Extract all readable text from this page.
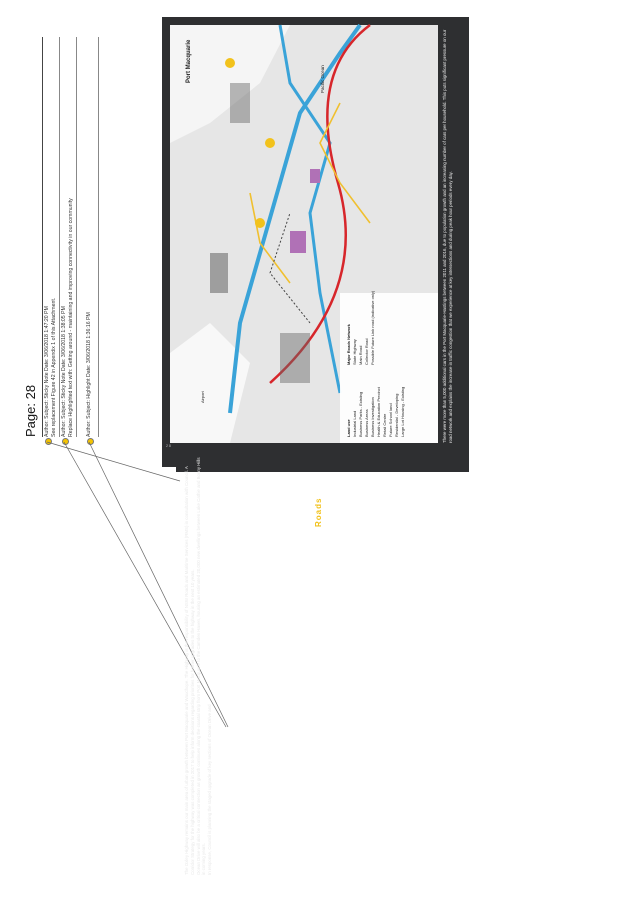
Page: 28 Author: Subject: Sticky Note Date: 3/06/2018 1:47:20 PM See replacement Figure 42 in Appendix 1 of this Attachment. Author: Subject: Sticky Note Date: 3/06/2018 1:38:05 PM Replace Highlighted text with: Getting around - maintaining and improving connectivity in our community Author: Subject: Highlight Date: 3/06/2018 1:36:16 PM
Roads
Land use Industrial Land Business Parks - Existing Business Areas Business Investigation Health & Education Precinct Retail Centre Future School land Residential - Developing Large Lot Housing - Existing
Major Roads Network State Highway Main Road Collector Road Possible Future Link road (indicative only)
Port Macquarie	Pacific Ocean
Airport	There were more than 5,000 additional cars in the Port Macquarie-Hastings between 2011 and 2016, due to population growth and an increasing number of cars per household. This puts significant pressure on our road network and explains the increase in traffic congestion that we experience at key intersections and during peak hour periods every day.
The Oxley Highway remains our main area of urban growth between Port Macquarie and Wauchope. The Highway is the responsibility of NSW Roads and Maritime Services (RMS) in consultation with Council. A Corridor Strategy for the highway was completed in 2017 to help inform decisions regarding priorities for further upgrades to the highway in the next 10 years. Ocean Drive will also be a critical connection as growth continues along the coastal strip from Port Macquarie to the Camden Haven, housing an estimated 20,000 new dwellings between Lake Cathie and Bonny Hills in coming years. In response, Council is planning the staged upgrade of key sections of Ocean Drive and
28
